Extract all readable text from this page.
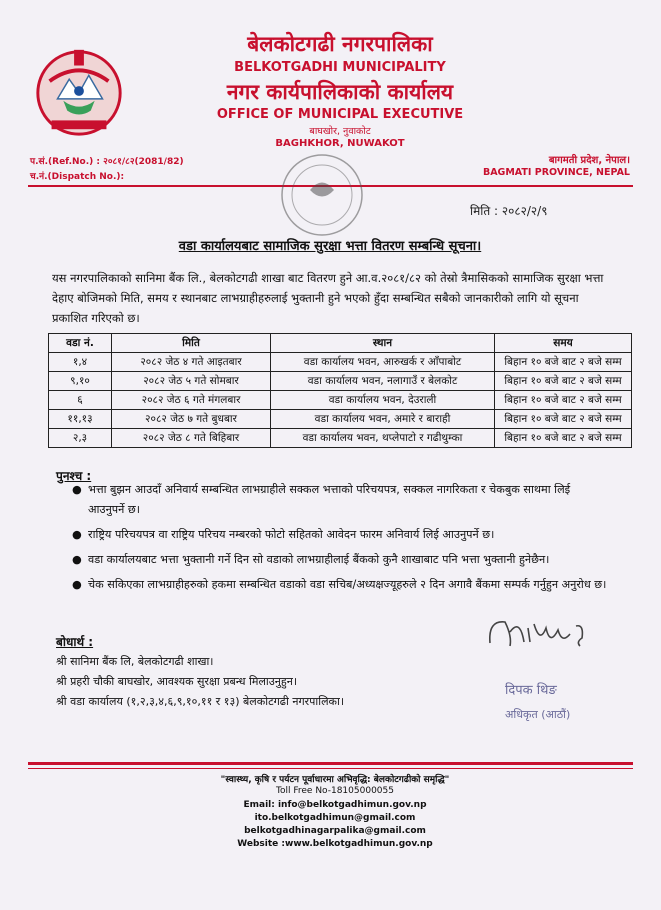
बेलकोटगढी नगरपालिका
BELKOTGADHI MUNICIPALITY
नगर कार्यपालिकाको कार्यालय
OFFICE OF MUNICIPAL EXECUTIVE
बाघखोर, नुवाकोट
BAGHKHOR, NUWAKOT
प.सं.(Ref.No.) : २०८१/८२(2081/82)
च.नं.(Dispatch No.):
बागमती प्रदेश, नेपाल।
BAGMATI PROVINCE, NEPAL
मिति : २०८२/२/९
वडा कार्यालयबाट सामाजिक सुरक्षा भत्ता वितरण सम्बन्धि सूचना।
यस नगरपालिकाको सानिमा बैंक लि., बेलकोटगढी शाखा बाट वितरण हुने आ.व.२०८१/८२ को तेस्रो त्रैमासिकको सामाजिक सुरक्षा भत्ता देहाए बोजिमको मिति, समय र स्थानबाट लाभग्राहीहरुलाई भुक्तानी हुने भएको हुँदा सम्बन्धित सबैको जानकारीको लागि यो सूचना प्रकाशित गरिएको छ।
वडा नं.	मिति	स्थान	समय
१,४	२०८२ जेठ ४ गते आइतबार	वडा कार्यालय भवन, आरुखर्क र आँपाबोट	बिहान १० बजे बाट २ बजे सम्म
९,१०	२०८२ जेठ ५ गते सोमबार	वडा कार्यालय भवन, नलागाउँ र बेलकोट	बिहान १० बजे बाट २ बजे सम्म
६	२०८२ जेठ ६ गते मंगलबार	वडा कार्यालय भवन, देउराली	बिहान १० बजे बाट २ बजे सम्म
११,१३	२०८२ जेठ ७ गते बुधबार	वडा कार्यालय भवन, अमारे र बाराही	बिहान १० बजे बाट २ बजे सम्म
२,३	२०८२ जेठ ८ गते बिहिबार	वडा कार्यालय भवन, थप्लेपाटो र गढीथुम्का	बिहान १० बजे बाट २ बजे सम्म
पुनश्च :
● भत्ता बुझन आउदाँ अनिवार्य सम्बन्धित लाभग्राहीले सक्कल भत्ताको परिचयपत्र, सक्कल नागरिकता र चेकबुक साथमा लिई आउनुपर्ने छ।
● राष्ट्रिय परिचयपत्र वा राष्ट्रिय परिचय नम्बरको फोटो सहितको आवेदन फारम अनिवार्य लिई आउनुपर्ने छ।
● वडा कार्यालयबाट भत्ता भुक्तानी गर्ने दिन सो वडाको लाभग्राहीलाई बैंकको कुनै शाखाबाट पनि भत्ता भुक्तानी हुनेछैन।
● चेक सकिएका लाभग्राहीहरुको हकमा सम्बन्धित वडाको वडा सचिब/अध्यक्षज्यूहरुले २ दिन अगावै बैंकमा सम्पर्क गर्नुहुन अनुरोध छ।
बोधार्थ :
श्री सानिमा बैंक लि, बेलकोटगढी शाखा।
श्री प्रहरी चौकी बाघखोर, आवश्यक सुरक्षा प्रबन्ध मिलाउनुहुन।
श्री वडा कार्यालय (१,२,३,४,६,९,१०,११ र १३) बेलकोटगढी नगरपालिका।
दिपक थिङ
अधिकृत (आठौं)
"स्वास्थ्य, कृषि र पर्यटन पूर्वाधारमा अभिवृद्धि: बेलकोटगढीको समृद्धि"
Toll Free No-18105000055
Email: info@belkotgadhimun.gov.np
ito.belkotgadhimun@gmail.com
belkotgadhinagarpalika@gmail.com
Website :www.belkotgadhimun.gov.np
